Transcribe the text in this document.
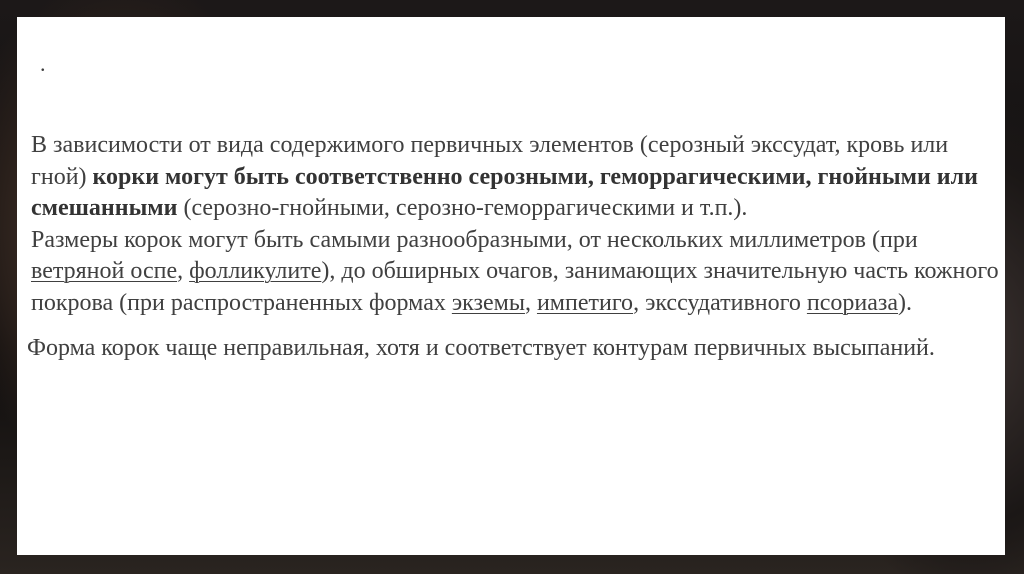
.

В зависимости от вида содержимого первичных элементов (серозный экссудат, кровь или гной) корки могут быть соответственно серозными, геморрагическими, гнойными или смешанными (серозно-гнойными, серозно-геморрагическими и т.п.).

Размеры корок могут быть самыми разнообразными, от нескольких миллиметров (при ветряной оспе, фолликулите), до обширных очагов, занимающих значительную часть кожного покрова (при распространенных формах экземы, импетиго, экссудативного псориаза).

Форма корок чаще неправильная, хотя и соответствует контурам первичных высыпаний.
